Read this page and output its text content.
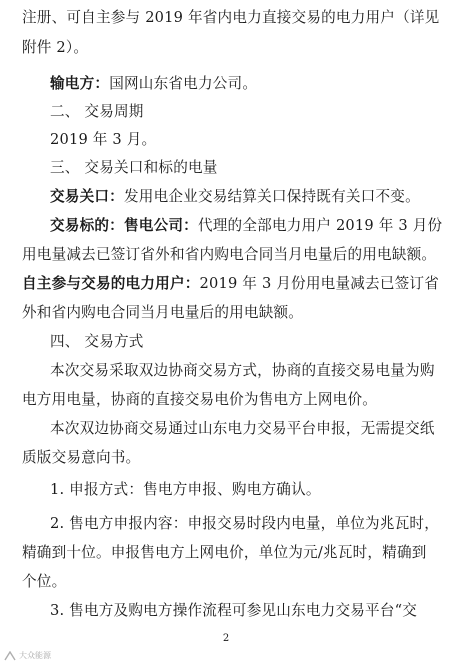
注册、可自主参与 2019 年省内电力直接交易的电力用户（详见
附件 2）。
输电方：国网山东省电力公司。
二、 交易周期
2019 年 3 月。
三、 交易关口和标的电量
交易关口：发用电企业交易结算关口保持既有关口不变。
交易标的：售电公司：代理的全部电力用户 2019 年 3 月份
用电量减去已签订省外和省内购电合同当月电量后的用电缺额。
自主参与交易的电力用户：2019 年 3 月份用电量减去已签订省
外和省内购电合同当月电量后的用电缺额。
四、 交易方式
本次交易采取双边协商交易方式，协商的直接交易电量为购
电方用电量，协商的直接交易电价为售电方上网电价。
本次双边协商交易通过山东电力交易平台申报，无需提交纸
质版交易意向书。
1. 申报方式：售电方申报、购电方确认。
2. 售电方申报内容：申报交易时段内电量，单位为兆瓦时，
精确到十位。申报售电方上网电价，单位为元/兆瓦时，精确到
个位。
3. 售电方及购电方操作流程可参见山东电力交易平台“交
2
大众能源
